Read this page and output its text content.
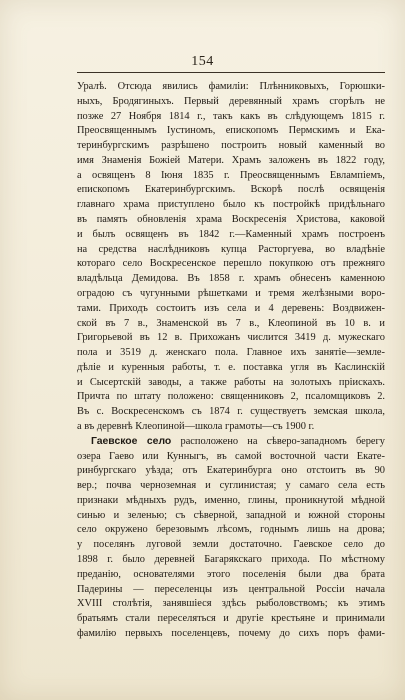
154
Уралѣ. Отсюда явились фамиліи: Плѣнниковыхъ, Горюшки-
ныхъ, Бродягиныхъ. Первый деревянный храмъ сгорѣлъ не
позже 27 Ноября 1814 г., такъ какъ въ слѣдующемъ 1815 г.
Преосвященнымъ Іустиномъ, епископомъ Пермскимъ и Ека-
теринбургскимъ разрѣшено построить новый каменный во
имя Знаменія Божіей Матери. Храмъ заложенъ въ 1822 году,
а освященъ 8 Іюня 1835 г. Преосвященнымъ Евлампіемъ,
епископомъ Екатеринбургскимъ. Вскорѣ послѣ освященія
главнаго храма приступлено было къ постройкѣ придѣльнаго
въ память обновленія храма Воскресенія Христова, каковой
и былъ освященъ въ 1842 г.—Каменный храмъ построенъ
на средства наслѣдниковъ купца Расторгуева, во владѣніе
котораго село Воскресенское перешло покупкою отъ прежняго
владѣльца Демидова. Въ 1858 г. храмъ обнесенъ каменною
оградою съ чугунными рѣшетками и тремя желѣзными воро-
тами. Приходъ состоитъ изъ села и 4 деревень: Воздвижен-
ской въ 7 в., Знаменской въ 7 в., Клеопиной въ 10 в. и
Григорьевой въ 12 в. Прихожанъ числится 3419 д. мужескаго
пола и 3519 д. женскаго пола. Главное ихъ занятіе—земле-
дѣліе и куренныя работы, т. е. поставка угля въ Каслинскій
и Сысертскій заводы, а также работы на золотыхъ пріискахъ.
Причта по штату положено: священниковъ 2, псаломщиковъ 2.
Въ с. Воскресенскомъ съ 1874 г. существуетъ земская школа,
а въ деревнѣ Клеопиной—школа грамоты—съ 1900 г.
Гаевское село расположено на сѣверо-западномъ берегу
озера Гаево или Кунныгъ, въ самой восточной части Екате-
ринбургскаго уѣзда; отъ Екатеринбурга оно отстоитъ въ 90
вер.; почва черноземная и суглинистая; у самаго села есть
признаки мѣдныхъ рудъ, именно, глины, проникнутой мѣдной
синью и зеленью; съ сѣверной, западной и южной стороны
село окружено березовымъ лѣсомъ, годнымъ лишь на дрова;
у поселянъ луговой земли достаточно. Гаевское село до
1898 г. было деревней Багарякскаго прихода. По мѣстному
преданію, основателями этого поселенія были два брата
Падерины — переселенцы изъ центральной Россіи начала
XVIII столѣтія, занявшіеся здѣсь рыболовствомъ; къ этимъ
братьямъ стали переселяться и другіе крестьяне и принимали
фамилію первыхъ поселенцевъ, почему до сихъ поръ фами-
